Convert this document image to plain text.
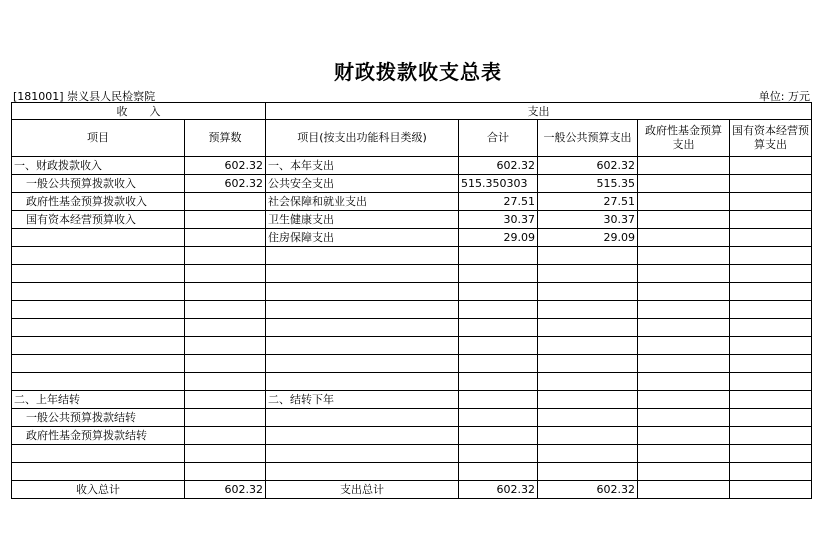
财政拨款收支总表
[181001] 崇义县人民检察院	单位: 万元
收　　入		支出				
项目	预算数	项目(按支出功能科目类级)	合计	一般公共预算支出	政府性基金预算支出	国有资本经营预算支出
一、财政拨款收入	602.32	一、本年支出	602.32	602.32		
一般公共预算拨款收入	602.32	公共安全支出	515.350303	515.35		
政府性基金预算拨款收入		社会保障和就业支出	27.51	27.51		
国有资本经营预算收入		卫生健康支出	30.37	30.37		
		住房保障支出	29.09	29.09		

二、上年结转		二、结转下年				
一般公共预算拨款结转						
政府性基金预算拨款结转						

收入总计	602.32	支出总计	602.32	602.32		
